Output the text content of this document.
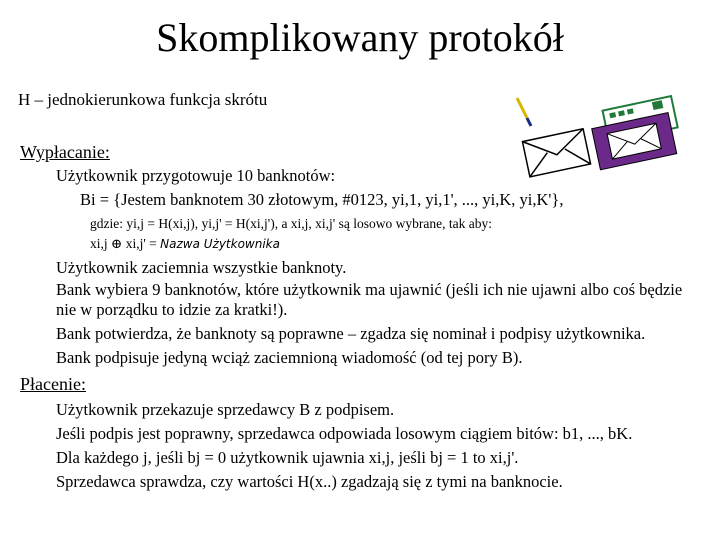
Skomplikowany protokół
H – jednokierunkowa funkcja skrótu
Wypłacanie:
Użytkownik przygotowuje 10 banknotów:
Bi = {Jestem banknotem 30 złotowym, #0123, yi,1, yi,1', ..., yi,K, yi,K'},
gdzie: yi,j = H(xi,j), yi,j' = H(xi,j'), a xi,j, xi,j' są losowo wybrane, tak aby:
xi,j ⊕ xi,j' = Nazwa Użytkownika
Użytkownik zaciemnia wszystkie banknoty.
Bank wybiera 9 banknotów, które użytkownik ma ujawnić (jeśli ich nie ujawni albo coś będzie nie w porządku to idzie za kratki!).
Bank potwierdza, że banknoty są poprawne – zgadza się nominał i podpisy użytkownika.
Bank podpisuje jedyną wciąż zaciemnioną wiadomość (od tej pory B).
Płacenie:
Użytkownik przekazuje sprzedawcy B z podpisem.
Jeśli podpis jest poprawny, sprzedawca odpowiada losowym ciągiem bitów: b1, ..., bK.
Dla każdego j, jeśli bj = 0 użytkownik ujawnia xi,j, jeśli bj = 1 to xi,j'.
Sprzedawca sprawdza, czy wartości H(x..) zgadzają się z tymi na banknocie.
